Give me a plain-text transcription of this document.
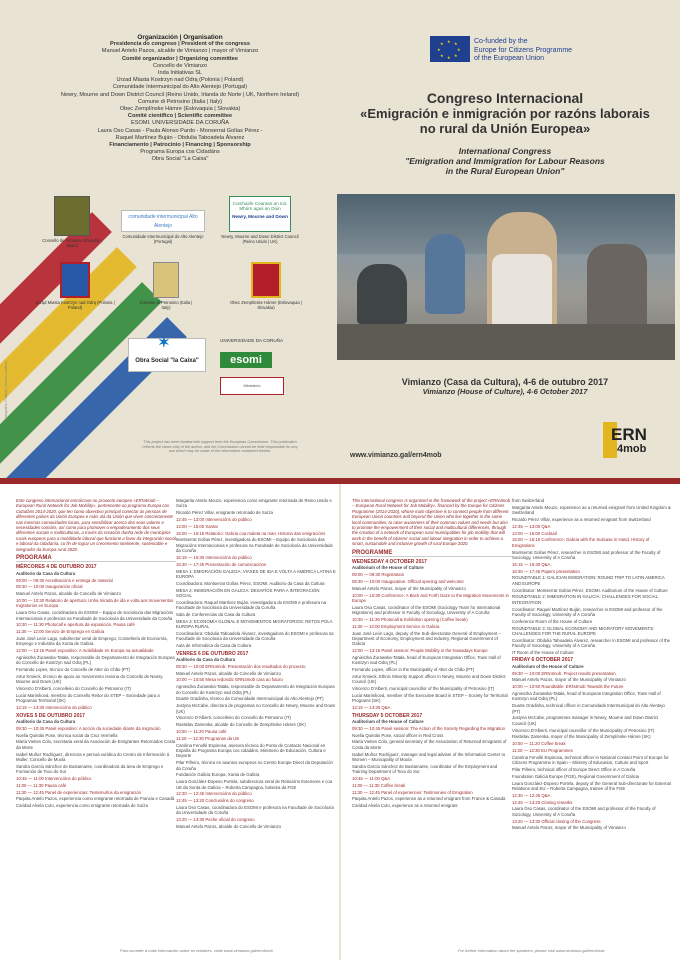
Organización | Organisation
Presidencia do congreso | President of the congress
Manuel Antelo Pazos, alcalde de Vimianzo | mayor of Vimianzo
Comité organizador | Organizing committee
Concello de Vimianzo
Inda Initiativas SL
Urzad Miasta Kostrzyn nad Odrą (Polonia | Poland)
Comunidade Intermunicipal do Alto Alentejo (Portugal)
Newry, Mourne and Down District Council (Reino Unido, Irlanda do Norte | UK, Northern Ireland)
Comune di Petrosino (Italia | Italy)
Obec Zemplínske Hámre (Eslovaquia | Slovakia)
Comité científico | Scientific committee
ESOMI. UNIVERSIDADE DA CORUÑA
Laura Oso Casas - Paula Alonso Pardo - Monserrat Golías Pérez -
Raquel Martínez Buján - Obdulia Taboadela Álvarez
Financiamento | Patrocinio | Financing | Sponsorship
Programa Europa cos Cidadáns
Obra Social "La Caixa"
Concello de Vimianzo (España | Spain)
comunidade intermunicipal Alto Alentejo
Comunidade Intermunicipal do Alto Alentejo (Portugal)
Comhairle Ceantair an Iúir, Mhúrn agus an Dúin
Newry, Mourne and Down
Newry, Mourne and Down District Council (Reino Unido | UK)
Urząd Miasta Kostrzyn nad Odrą (Polonia | Poland)
Comune di Petrosino (Italia | Italy)
Obec Zemplínske Hámre (Eslovaquia | Slovakia)
✶
Obra Social "la Caixa"
UNIVERSIDADE DA CORUÑA
esomi
Ministerio
This project has been funded with support from the European Commission. This publication reflects the views only of the author, and the Commission cannot be held responsible for any use which may be made of the information contained therein.
Fotografía: Pixabay (licenza creative)
★ ★
★
★
★
★
★
★	Co-funded by the
Europe for Citizens Programme
of the European Union
Congreso Internacional
«Emigración e inmigración por razóns laborais
no rural da Unión Europea»
International Congress
"Emigration and Immigration for Labour Reasons
in the Rural European Union"
Vimianzo (Casa da Cultura), 4-6 de outubro 2017
Vimianzo (House of Culture), 4-6 October 2017
ERN
4mob
www.vimianzo.gal/ern4mob

Este congreso internacional enmárcase no proxecto europeo «ERN4mob – European Rural Network for Job Mobility», pertencente ao programa Europa cos Cidadáns 2014-2020, que ten como obxectivo principal conectar ás persoas de diferentes países da Unión Europea e máis alá da Unión que viven concretamente nas mesmas comunidades locais, para sensibilizar acerca dos seus valores e necesidades comúns, así como para promover o empoderamento dos seus diferentes sociais e multiculturais, a través da creación dunha rede de municipios rurais europeos para a mobilidade laboral que funcione a favor da integración social e laboral da cidadanía, co fin de lograr un crecemento intelixente, sustentable e integrador da Europa rural 2020.

PROGRAMA
MÉRCORES 4 DE OUTUBRO 2017

Auditorio da Casa da Cultura

09:00 — 09:30 Acreditacións e entrega de material

09:30 — 10:00 Inauguración oficial

Manuel Antelo Pazos, alcalde do Concello de Vimianzo

10:00 — 10:30 Relatorio de apertura: Unha mirada de ida e volta aos movementos migratorios en Europa

Laura Oso Casas, coordinadora do ESOMI – Equipo de Socioloxía das Migracións Internacionais e profesora na Facultade de Socioloxía da Universidade da Coruña

10:30 — 11:30 Photocall e apertura da exposición. Pausa café

11:30 — 12:00 Servizo de Emprego en Galicia

Juan José León Lago, subdirector xeral de Emprego, Consellería de Economía, Emprego e Industria da Xunta de Galicia

12:00 — 13:15 Panel expositivo: A mobilidade en Europa na actualidade

Agnieszka Żurawska-Tatała, responsable do Departamento de Integración Europea do Concello de Kostrzyn nad Odrą (PL)

Fernando Lopes, técnico do Concello de Alter do Chão (PT)

Artur Kmieck, técnico de apoio ao movemento rexiona do Concello de Newry, Mourne and Down (UK)

Vincenzo D'Alberti, concelleiro do Concello de Petrosino (IT)

Lucia Mariniková, membro do Consello Reitor do STEP – Sociedade para a Programas Territorial (SK)

13:15 — 13:30 Intervencións do público

XOVES 5 DE OUTUBRO 2017

Auditorio da Casa da Cultura

09:30 — 10:45 Panel expositivo: A acción da sociedade diante da migración

Noelia Quintás Pose, técnica social da Cruz Vermella

María Vieites Colo, secretaria xeral da Asociación de Emigrantes Retornados Costa da Morte

Isabel Muñoz Rodríguez, directora e persoa xurídica do Centro de Información á Muller, Concello de Muxía

Sandra García Sánchez de Bustamante, coordinadora da área de Emprego e Formación de Toxo do Sur

10:45 — 11:00 Intervencións do público

11:00 — 11:30 Pausa café

11:30 — 12:45 Panel de experiencias: Testemuños da emigración

Paquita Antelo Pazos, experiencia como emigrante retornada de Francia e Canadá

Caridad Alvela Colo, experiencia como emigrante retornada de Suíza

Margarita Antelo Mouzo, experiencia como emigrante retornada de Reino Unido e Suíza

Ricardo Pérez Villar, emigrante retornado de Suíza

12:45 — 13:00 Intervencións do público

13:00 — 15:00 Xantar

15:00 — 16:15 Relatorio: Galicia coa maleta na man. Historia das emigracións

Montserrat Golías Pérez, investigadora do ESOMI – Equipo de Socioloxía das Migracións Internacionais e profesora na Facultade de Socioloxía da Universidade da Coruña

16:15 — 16:30 Intervencións do público

16:30 — 17:45 Presentación de comunicacións

MESA 1: EMIGRACIÓN GALEGA: VIAXES DE IDA E VOLTA A AMÉRICA LATINA E EUROPA

Coordinadora: Montserrat Golías Pérez, ESOMI. Auditorio da Casa da Cultura

MESA 2: INMIGRACIÓN EN GALICIA: DESAFÍOS PARA A INTEGRACIÓN SOCIAL

Coordinadora: Raquel Martínez Buján, investigadora do ESOMI e profesora na Facultade de Socioloxía da Universidade da Coruña

Sala de Conferencias da Casa da Cultura

MESA 3: ECONOMÍA GLOBAL E MOVEMENTOS MIGRATORIOS: RETOS POLA EUROPA RURAL

Coordinadora: Obdulia Taboadela Álvarez, investigadora do ESOMI e profesora na Facultade de Socioloxía da Universidade da Coruña

Aula de Informática da Casa da Cultura

VENRES 6 DE OUTUBRO 2017

Auditorio da Casa da Cultura

09:30 — 10:00 ERN4mob. Presentación dos resultados do proxecto

Manuel Antelo Pazos, alcalde do Concello de Vimianzo

10:00 — 10:50 Mesa redonda: ERN4mob cara ao futuro

Agnieszka Żurawska-Tatała, responsable do Departamento de Integración Europea do Concello de Kostrzyn nad Odrą (PL)

Duarte Gradinha, técnico da Comunidade Intermunicipal do Alto Alentejo (PT)

Justyna McCabe, directora de programas no Concello de Newry, Mourne and Down (UK)

Vincenzo D'Alberti, concelleiro do Concello de Petrosino (IT)

Rastislav Zamenka, alcalde do Concello de Zemplínske Hámre (SK)

10:50 — 11:20 Pausa café

11:20 — 12:30 Programas da UE

Carolina Fenollé Espinosa, asesora técnica do Punto de Contacto Nacional en España do Programa Europa cos cidadáns, Ministerio de Educación, Cultura e Deporte

Pilar Piñeiro, técnica en asuntos europeos no Centro Europe Direct da Deputación da Coruña

Fundación Galicia Europa, Xunta de Galicia

Laura González-Dopeso Portela, subdirectora xeral de Relacións Exteriores e coa UE da Xunta de Galicia – Roberta Campagna, bolseira da FGE

12:30 — 12:45 Intervencións do público

12:45 — 13:20 Conclusións do congreso

Laura Oso Casas, coordinadora do ESOMI e profesora na Facultade de Socioloxía da Universidade da Coruña

13:20 — 13:30 Peche oficial do congreso

Manuel Antelo Pazos, alcalde do Concello de Vimianzo

Para acceder á máis información sobre os relatores, visite www.vimianzo.gal/ern4mob

This international congress is organized in the framework of the project «ERN4mob – European Rural Network for Job Mobility», financed by the Europe for Citizens Programme (2014-2020), whose main objective is to connect people from different European Union countries and beyond the Union who live together in the same local communities, to raise awareness of their common values and needs but also to promote the empowerment of their social and multicultural differences, through the creation of a network of European rural municipalities for job mobility that will work in the benefit of citizens' social and labour integration in order to achieve a smart, sustainable and inclusive growth of rural Europe 2020.

PROGRAMME
WEDNESDAY 4 OCTOBER 2017

Auditorium of the House of Culture

09:00 — 09:30 Registration

09:30 — 10:00 Inauguration. Official opening and welcome

Manuel Antelo Pazos, mayor of the Municipality of Vimianzo

10:00 — 10:30 Conference: A Back and Forth Gaze to the Migration Movements in Europe

Laura Oso Casas, coordinator of the ESOMI (Sociology Team for International Migrations) and professor in Faculty of Sociology, University of A Coruña

10:30 — 11:30 Photocall & Exhibition opening (Coffee break)

11:30 — 12:00 Employment Service in Galicia

Juan José León Lago, deputy of the Sub-directorate General of Employment – Department of Economy, Employment and Industry, Regional Government of Galicia

12:00 — 13:15 Panel session: People Mobility in the Nowadays Europe

Agnieszka Żurawska-Tatała, head of European Integration Office, Town Hall of Kostrzyn nad Odrą (PL)

Fernando Lopes, officer in the Municipality of Alter do Chão (PT)

Artur Kmieck, Ethnic Minority Support officer in Newry, Mourne and Down District Council (UK)

Vincenzo D'Alberti, municipal councillor of the Municipality of Petrosino (IT)

Lucia Mariniková, member of the Executive Board in STEP – Society for Territorial Programs (SK)

13:15 — 13:30 Q&A

THURSDAY 5 OCTOBER 2017

Auditorium of the House of Culture

09:30 — 10:45 Panel session: The Action of the Society Regarding the Migration

Noelia Quintás Pose, social officer in Red Cross

María Vieites Colo, general secretary of the Association of Returned Emigrants of Costa da Morte

Isabel Muñoz Rodríguez, manager and legal adviser of the Information Center to Women – Municipality of Muxía

Sandra García Sánchez de Bustamante, coordinator of the Employment and Training Department of Toxo do Sur

10:45 — 11:00 Q&A

11:00 — 11:30 Coffee break

11:30 — 12:45 Panel of experiences: Testimonies of Emigration

Paquita Antelo Pazos, experience as a returned emigrant from France & Canada

Caridad Alvela Colo, experience as a returned emigrant

from Switzerland

Margarita Antelo Mouzo, experience as a returned emigrant from United Kingdom & Switzerland

Ricardo Pérez Villar, experience as a returned emigrant from Switzerland

12:45 — 13:00 Q&A

13:00 — 15:00 Cocktail

15:00 — 16:15 Conference: Galicia with the Suitcase in Hand. History of Emigrations

Montserrat Golías Pérez, researcher in ESOMI and professor of the Faculty of Sociology, University of A Coruña

16:15 — 16:30 Q&A

16:30 — 17:45 Papers presentation

ROUNDTABLE 1: GALICIAN EMIGRATION: ROUND TRIP TO LATIN AMERICA AND EUROPE

Coordinator: Montserrat Golías Pérez, ESOMI. Auditorium of the House of Culture

ROUNDTABLE 2: IMMIGRATION IN GALICIA: CHALLENGES FOR SOCIAL INTEGRATION

Coordinator: Raquel Martínez Buján, researcher in ESOMI and professor of the Faculty of Sociology, University of A Coruña

Conference Room of the House of Culture

ROUNDTABLE 3: GLOBAL ECONOMY AND MIGRATORY MOVEMENTS: CHALLENGES FOR THE RURAL EUROPE

Coordinator: Obdulia Taboadela Álvarez, researcher in ESOMI and professor of the Faculty of Sociology, University of A Coruña

IT Room of the House of Culture

FRIDAY 6 OCTOBER 2017

Auditorium of the House of Culture

09:30 — 10:00 ERN4mob. Project results presentation

Manuel Antelo Pazos, mayor of the Municipality of Vimianzo

10:00 — 10:50 Roundtable: ERN4mob Towards the Future

Agnieszka Żurawska-Tatała, head of European Integration Office, Town Hall of Kostrzyn nad Odrą (PL)

Duarte Gradinha, technical officer in Comunidade Intermunicipal do Alto Alentejo (PT)

Justyna McCabe, programmes manager in Newry, Mourne and Down District Council (UK)

Vincenzo D'Alberti, municipal councillor of the Municipality of Petrosino (IT)

Rastislav Zamenka, mayor of the Municipality of Zemplínske Hámre (SK)

10:50 — 11:20 Coffee break

11:20 — 12:30 EU Programmes

Carolina Fenollé Espinosa, technical officer in National Contact Point of Europe for Citizens Programme in Spain – Ministry of Education, Culture and Sport

Pilar Piñeiro, technical officer of Europe Direct Office in A Coruña

Foundation Galicia Europe (FGE), Regional Government of Galicia

Laura González-Dopeso Portela, deputy of the General Sub-directorate for External Relations and EU – Roberta Campagna, trainee of the FGE

12:30 — 12:45 Q&A

12:45 — 13:20 Closing remarks

Laura Oso Casas, coordinator of the ESOMI and professor of the Faculty of Sociology, University of A Coruña

13:20 — 13:30 Official closing of the Congress

Manuel Antelo Pazos, mayor of the Municipality of Vimianzo

For further information about the speakers, please visit www.vimianzo.gal/ern4mob
